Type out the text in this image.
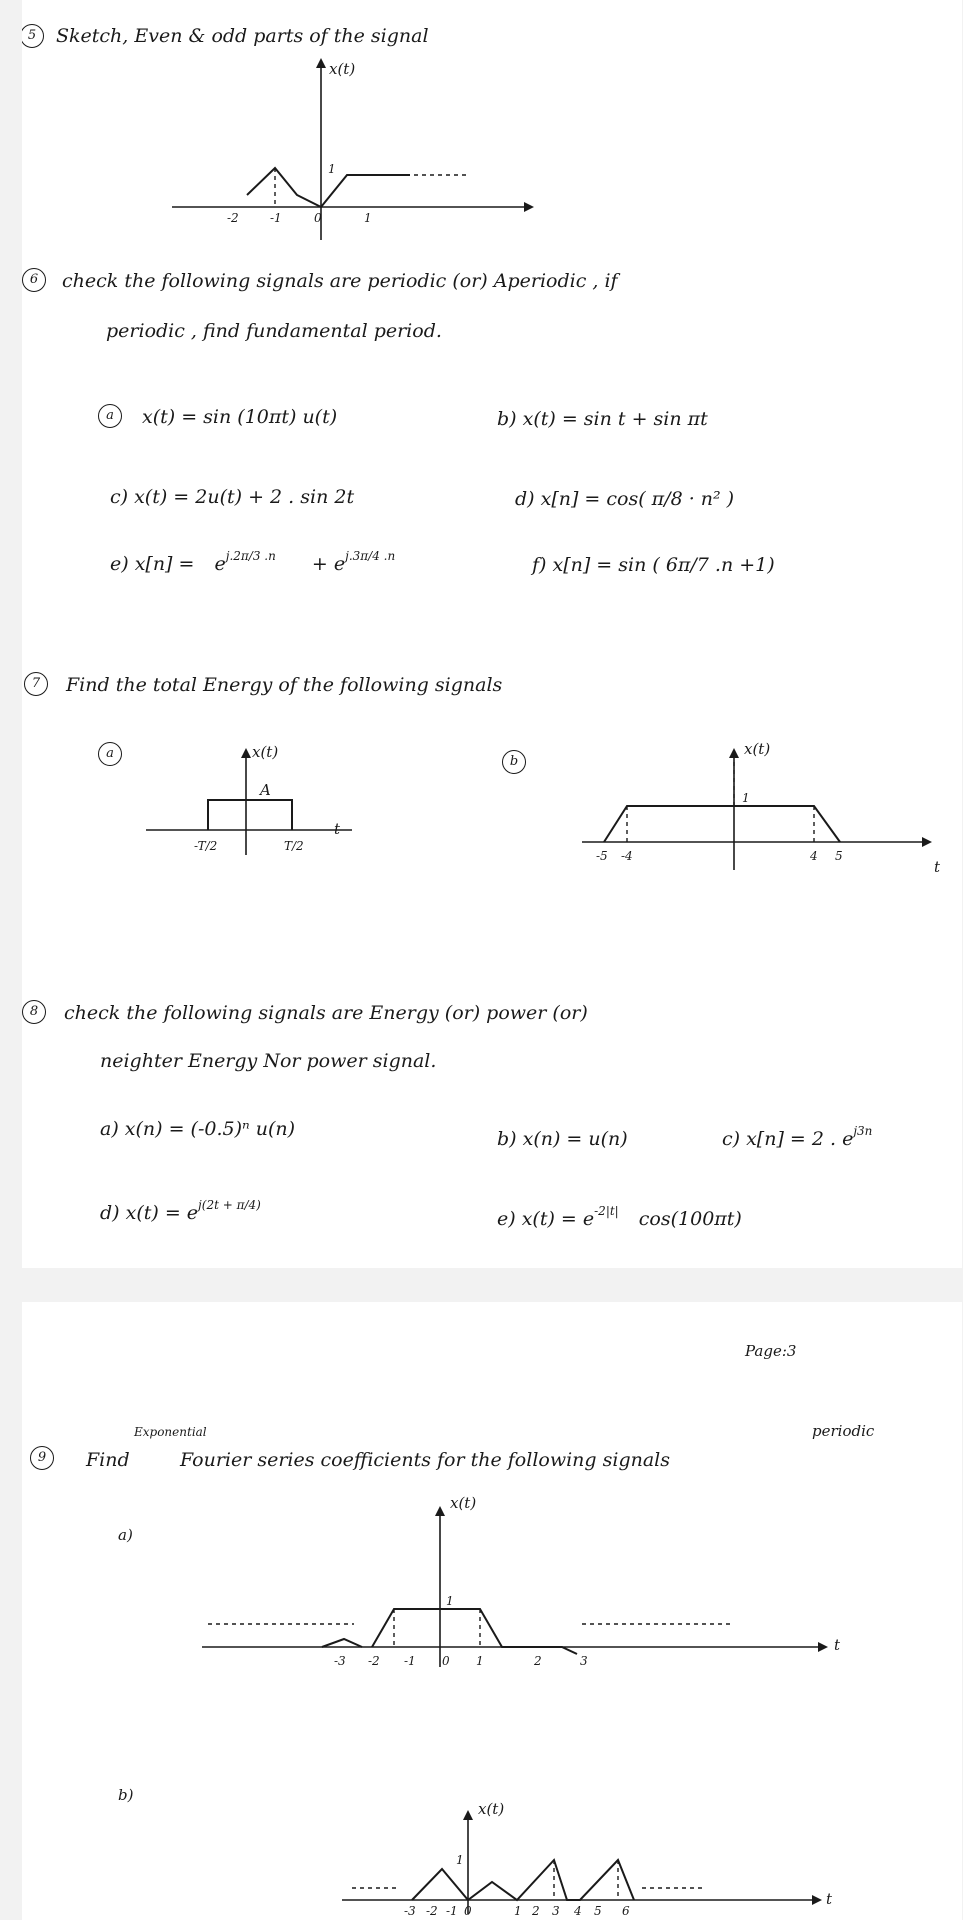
5	Sketch, Even & odd parts of the signal
x(t)
-2	-1	0	1
1
6	check the following signals are periodic (or) Aperiodic , if
periodic , find fundamental period.
a	x(t) = sin (10πt) u(t)	b) x(t) = sin t + sin πt
c) x(t) = 2u(t) + 2 . sin 2t	d) x[n] = cos( π/8 · n² )
e) $x[n] = e^{j.2\pi/3 .n} + e^{j.3\pi/4 .n}$	f) x[n] = sin ( 6π/7 .n +1)
7	Find the total Energy of the following signals
a
b
x(t)
A
-T/2	T/2
t
x(t)
1
-5 -4	4 5
t
8	check the following signals are Energy (or) power (or)
neighter Energy Nor power signal.
a) x(n) = (-0.5)ⁿ u(n)	b) x(n) = u(n)	c) x[n] = 2 . $e^{j3n}$
d) $x(t) = e^{j(2t + \pi/4)}$
e) $x(t) = e^{-2|t|}$ cos(100πt)
Page:3
9	Find
Exponential
Fourier series coefficients for the following signals
periodic
a)
b)
x(t)
1
-3 -2 -1 0 1	2	3
t
x(t)
1
-3 -2 -1 0	1 2 3 4 5 6
t
